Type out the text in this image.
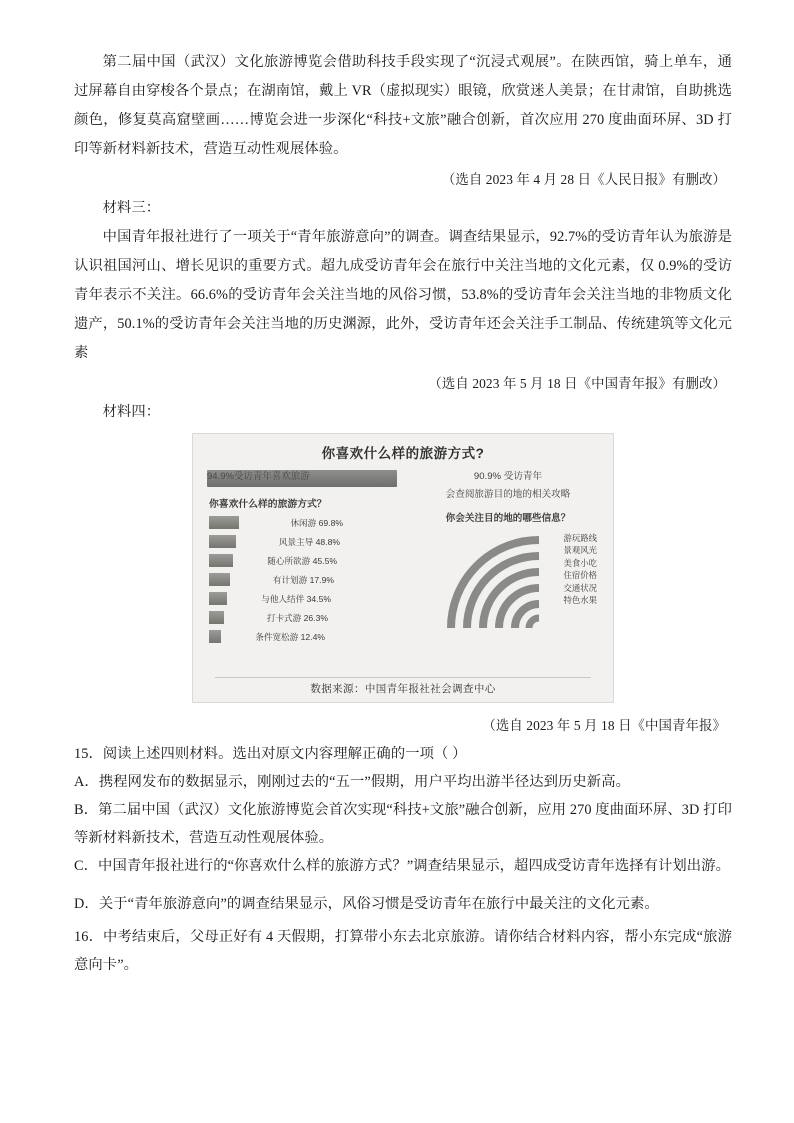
第二届中国（武汉）文化旅游博览会借助科技手段实现了“沉浸式观展”。在陕西馆，骑上单车，通过屏幕自由穿梭各个景点；在湖南馆，戴上 VR（虚拟现实）眼镜，欣赏迷人美景；在甘肃馆，自助挑选颜色，修复莫高窟壁画……博览会进一步深化“科技+文旅”融合创新，首次应用 270 度曲面环屏、3D 打印等新材料新技术，营造互动性观展体验。

（选自 2023 年 4 月 28 日《人民日报》有删改）

材料三：

中国青年报社进行了一项关于“青年旅游意向”的调查。调查结果显示，92.7%的受访青年认为旅游是认识祖国河山、增长见识的重要方式。超九成受访青年会在旅行中关注当地的文化元素，仅 0.9%的受访青年表示不关注。66.6%的受访青年会关注当地的风俗习惯，53.8%的受访青年会关注当地的非物质文化遗产，50.1%的受访青年会关注当地的历史渊源，此外，受访青年还会关注手工制品、传统建筑等文化元素

（选自 2023 年 5 月 18 日《中国青年报》有删改）

材料四：

你喜欢什么样的旅游方式?
94.9%受访青年喜欢旅游
你喜欢什么样的旅游方式？
休闲游 69.8%
风景主导 48.8%
随心所欲游 45.5%
有计划游 17.9%
与他人结伴 34.5%
打卡式游 26.3%
条件宽松游 12.4%
90.9% 受访青年
会查阅旅游目的地的相关攻略
你会关注目的地的哪些信息？
游玩路线
景观风光
美食小吃
住宿价格
交通状况
特色水果
数据来源：中国青年报社社会调查中心

（选自 2023 年 5 月 18 日《中国青年报》

15．阅读上述四则材料。选出对原文内容理解正确的一项（ ）

A．携程网发布的数据显示，刚刚过去的“五一”假期，用户平均出游半径达到历史新高。

B．第二届中国（武汉）文化旅游博览会首次实现“科技+文旅”融合创新，应用 270 度曲面环屏、3D 打印等新材料新技术，营造互动性观展体验。

C．中国青年报社进行的“你喜欢什么样的旅游方式？”调查结果显示，超四成受访青年选择有计划出游。

D．关于“青年旅游意向”的调查结果显示，风俗习惯是受访青年在旅行中最关注的文化元素。

16．中考结束后，父母正好有 4 天假期，打算带小东去北京旅游。请你结合材料内容，帮小东完成“旅游意向卡”。
